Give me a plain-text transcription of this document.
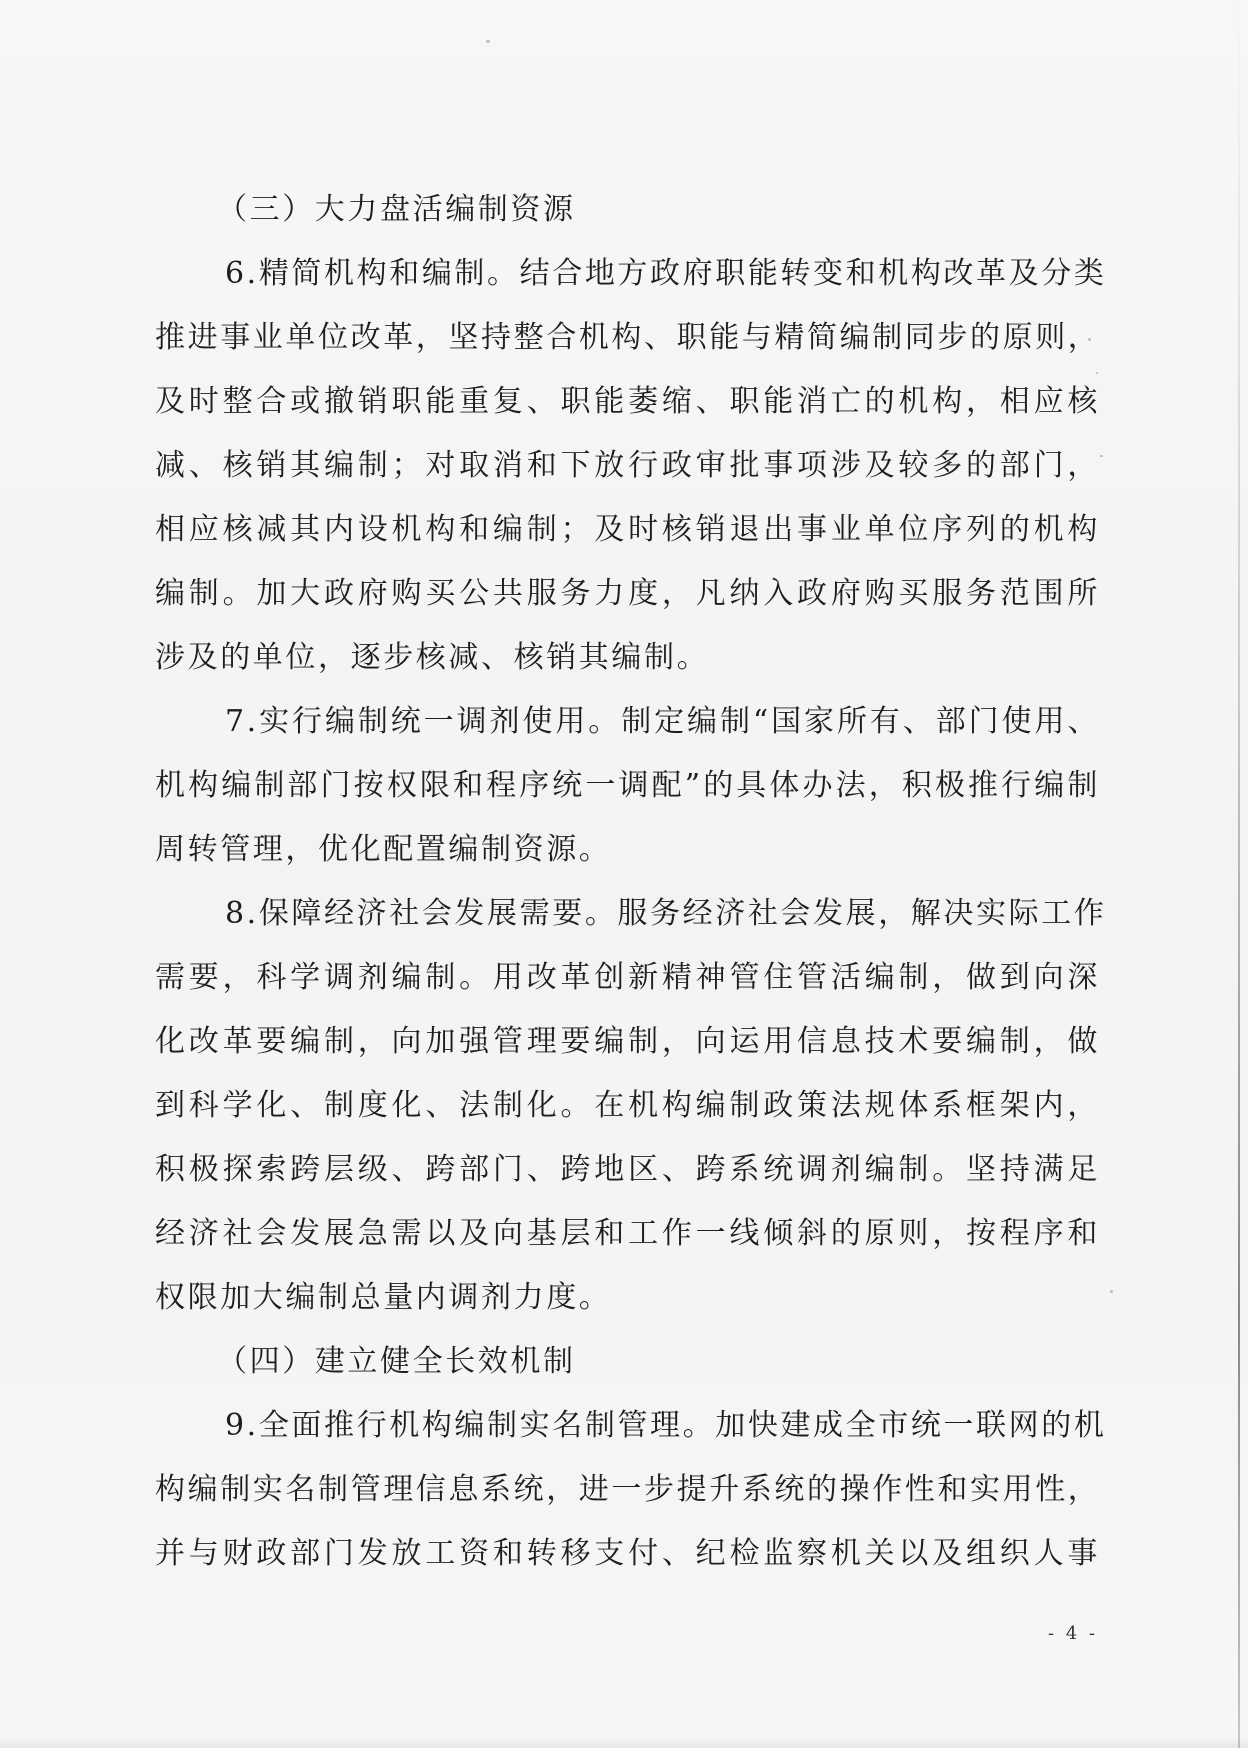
（三）大力盘活编制资源
6.精简机构和编制。结合地方政府职能转变和机构改革及分类
推进事业单位改革，坚持整合机构、职能与精简编制同步的原则，
及时整合或撤销职能重复、职能萎缩、职能消亡的机构，相应核
减、核销其编制；对取消和下放行政审批事项涉及较多的部门，
相应核减其内设机构和编制；及时核销退出事业单位序列的机构
编制。加大政府购买公共服务力度，凡纳入政府购买服务范围所
涉及的单位，逐步核减、核销其编制。
7.实行编制统一调剂使用。制定编制“国家所有、部门使用、
机构编制部门按权限和程序统一调配”的具体办法，积极推行编制
周转管理，优化配置编制资源。
8.保障经济社会发展需要。服务经济社会发展，解决实际工作
需要，科学调剂编制。用改革创新精神管住管活编制，做到向深
化改革要编制，向加强管理要编制，向运用信息技术要编制，做
到科学化、制度化、法制化。在机构编制政策法规体系框架内，
积极探索跨层级、跨部门、跨地区、跨系统调剂编制。坚持满足
经济社会发展急需以及向基层和工作一线倾斜的原则，按程序和
权限加大编制总量内调剂力度。
（四）建立健全长效机制
9.全面推行机构编制实名制管理。加快建成全市统一联网的机
构编制实名制管理信息系统，进一步提升系统的操作性和实用性，
并与财政部门发放工资和转移支付、纪检监察机关以及组织人事
- 4 -
